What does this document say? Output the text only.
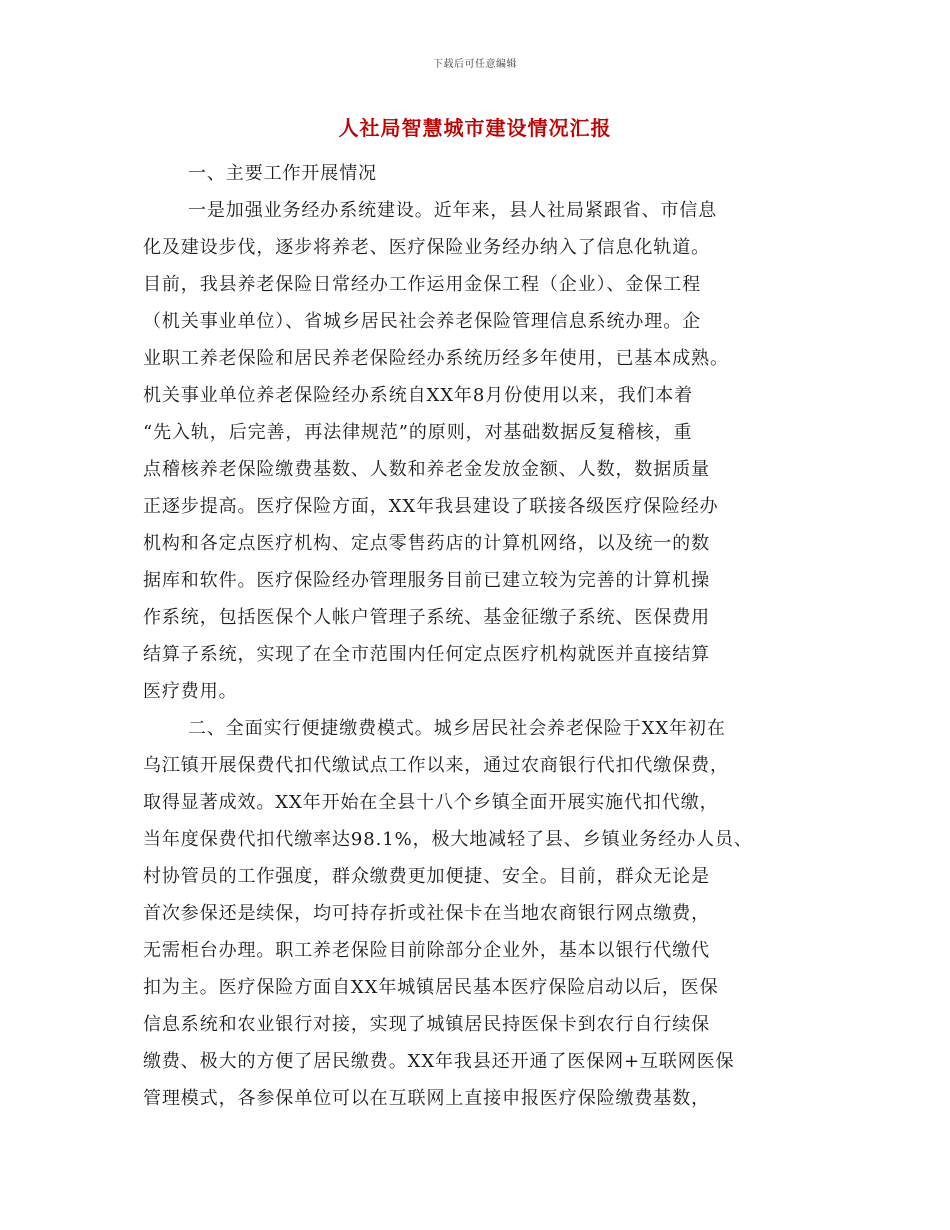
下载后可任意编辑
人社局智慧城市建设情况汇报
一、主要工作开展情况
一是加强业务经办系统建设。近年来，县人社局紧跟省、市信息
化及建设步伐，逐步将养老、医疗保险业务经办纳入了信息化轨道。
目前，我县养老保险日常经办工作运用金保工程（企业）、金保工程
（机关事业单位）、省城乡居民社会养老保险管理信息系统办理。企
业职工养老保险和居民养老保险经办系统历经多年使用，已基本成熟。
机关事业单位养老保险经办系统自XX年8月份使用以来，我们本着
“先入轨，后完善，再法律规范”的原则，对基础数据反复稽核，重
点稽核养老保险缴费基数、人数和养老金发放金额、人数，数据质量
正逐步提高。医疗保险方面，XX年我县建设了联接各级医疗保险经办
机构和各定点医疗机构、定点零售药店的计算机网络，以及统一的数
据库和软件。医疗保险经办管理服务目前已建立较为完善的计算机操
作系统，包括医保个人帐户管理子系统、基金征缴子系统、医保费用
结算子系统，实现了在全市范围内任何定点医疗机构就医并直接结算
医疗费用。
二、全面实行便捷缴费模式。城乡居民社会养老保险于XX年初在
乌江镇开展保费代扣代缴试点工作以来，通过农商银行代扣代缴保费，
取得显著成效。XX年开始在全县十八个乡镇全面开展实施代扣代缴，
当年度保费代扣代缴率达98.1%，极大地减轻了县、乡镇业务经办人员、
村协管员的工作强度，群众缴费更加便捷、安全。目前，群众无论是
首次参保还是续保，均可持存折或社保卡在当地农商银行网点缴费，
无需柜台办理。职工养老保险目前除部分企业外，基本以银行代缴代
扣为主。医疗保险方面自XX年城镇居民基本医疗保险启动以后，医保
信息系统和农业银行对接，实现了城镇居民持医保卡到农行自行续保
缴费、极大的方便了居民缴费。XX年我县还开通了医保网+互联网医保
管理模式，各参保单位可以在互联网上直接申报医疗保险缴费基数，
